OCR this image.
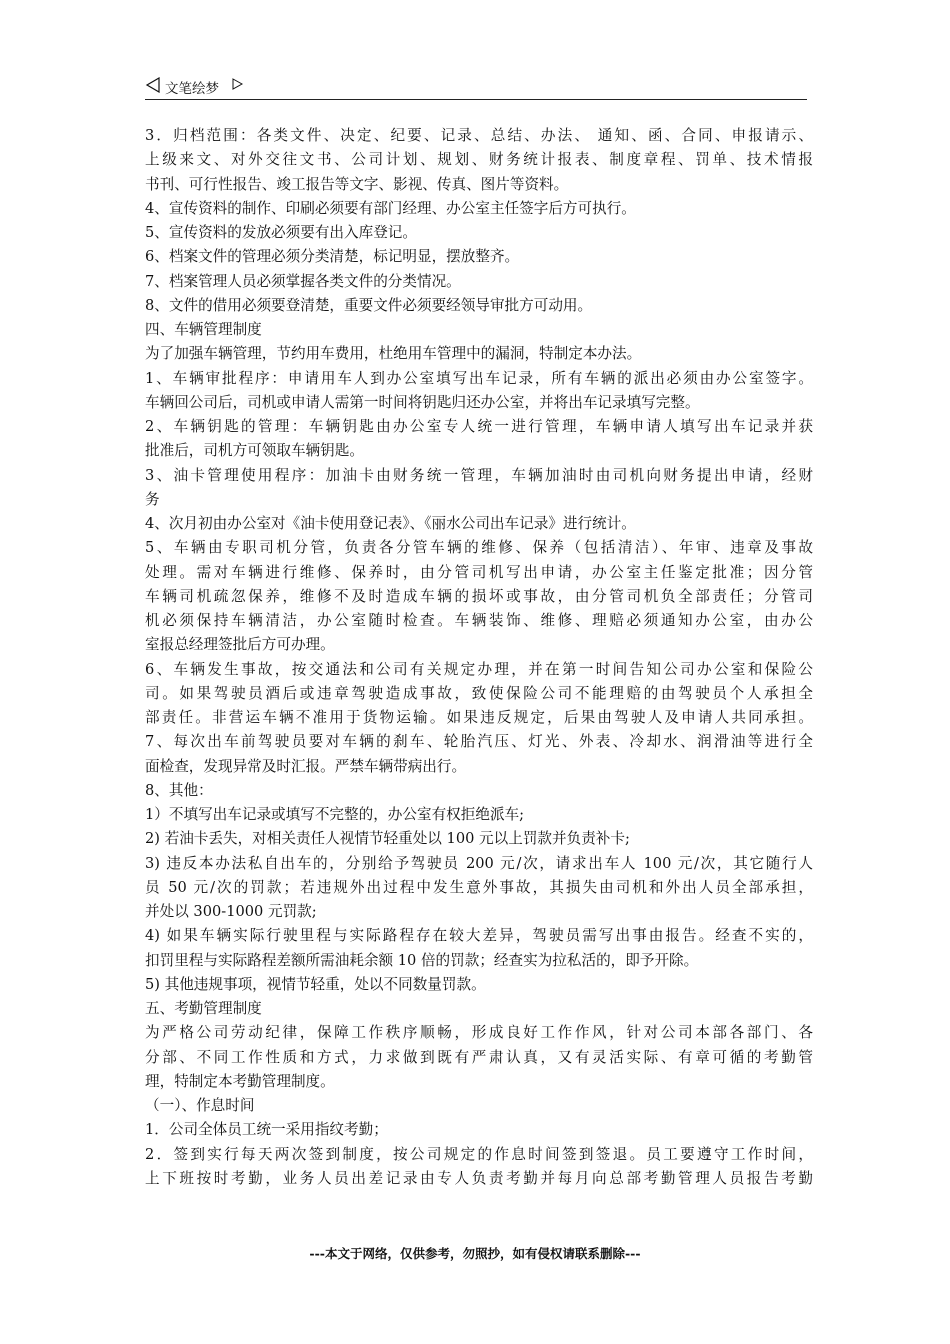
文笔绘梦
3．归档范围：各类文件、决定、纪要、记录、总结、办法、 通知、函、合同、申报请示、
上级来文、对外交往文书、公司计划、规划、财务统计报表、制度章程、罚单、技术情报
书刊、可行性报告、竣工报告等文字、影视、传真、图片等资料。
4、宣传资料的制作、印刷必须要有部门经理、办公室主任签字后方可执行。
5、宣传资料的发放必须要有出入库登记。
6、档案文件的管理必须分类清楚，标记明显，摆放整齐。
7、档案管理人员必须掌握各类文件的分类情况。
8、文件的借用必须要登清楚，重要文件必须要经领导审批方可动用。
四、车辆管理制度
为了加强车辆管理，节约用车费用，杜绝用车管理中的漏洞，特制定本办法。
1、车辆审批程序：申请用车人到办公室填写出车记录，所有车辆的派出必须由办公室签字。
车辆回公司后，司机或申请人需第一时间将钥匙归还办公室，并将出车记录填写完整。
2、车辆钥匙的管理：车辆钥匙由办公室专人统一进行管理，车辆申请人填写出车记录并获
批准后，司机方可领取车辆钥匙。
3、油卡管理使用程序：加油卡由财务统一管理，车辆加油时由司机向财务提出申请，经财
务
4、次月初由办公室对《油卡使用登记表》、《丽水公司出车记录》进行统计。
5、车辆由专职司机分管，负责各分管车辆的维修、保养（包括清洁）、年审、违章及事故
处理。需对车辆进行维修、保养时，由分管司机写出申请，办公室主任鉴定批准；因分管
车辆司机疏忽保养，维修不及时造成车辆的损坏或事故，由分管司机负全部责任；分管司
机必须保持车辆清洁，办公室随时检查。车辆装饰、维修、理赔必须通知办公室，由办公
室报总经理签批后方可办理。
6、车辆发生事故，按交通法和公司有关规定办理，并在第一时间告知公司办公室和保险公
司。如果驾驶员酒后或违章驾驶造成事故，致使保险公司不能理赔的由驾驶员个人承担全
部责任。非营运车辆不准用于货物运输。如果违反规定，后果由驾驶人及申请人共同承担。
7、每次出车前驾驶员要对车辆的刹车、轮胎汽压、灯光、外表、冷却水、润滑油等进行全
面检查，发现异常及时汇报。严禁车辆带病出行。
8、其他：
1）不填写出车记录或填写不完整的，办公室有权拒绝派车;
2) 若油卡丢失，对相关责任人视情节轻重处以 100 元以上罚款并负责补卡;
3) 违反本办法私自出车的，分别给予驾驶员 200 元/次，请求出车人 100 元/次，其它随行人
员 50 元/次的罚款；若违规外出过程中发生意外事故，其损失由司机和外出人员全部承担，
并处以 300-1000 元罚款;
4) 如果车辆实际行驶里程与实际路程存在较大差异，驾驶员需写出事由报告。经查不实的，
扣罚里程与实际路程差额所需油耗余额 10 倍的罚款；经查实为拉私活的，即予开除。
5) 其他违规事项，视情节轻重，处以不同数量罚款。
五、考勤管理制度
为严格公司劳动纪律，保障工作秩序顺畅，形成良好工作作风，针对公司本部各部门、各
分部、不同工作性质和方式，力求做到既有严肃认真，又有灵活实际、有章可循的考勤管
理，特制定本考勤管理制度。
（一）、作息时间
1．公司全体员工统一采用指纹考勤；
2．签到实行每天两次签到制度，按公司规定的作息时间签到签退。员工要遵守工作时间，
上下班按时考勤，业务人员出差记录由专人负责考勤并每月向总部考勤管理人员报告考勤
---本文于网络，仅供参考，勿照抄，如有侵权请联系删除---
